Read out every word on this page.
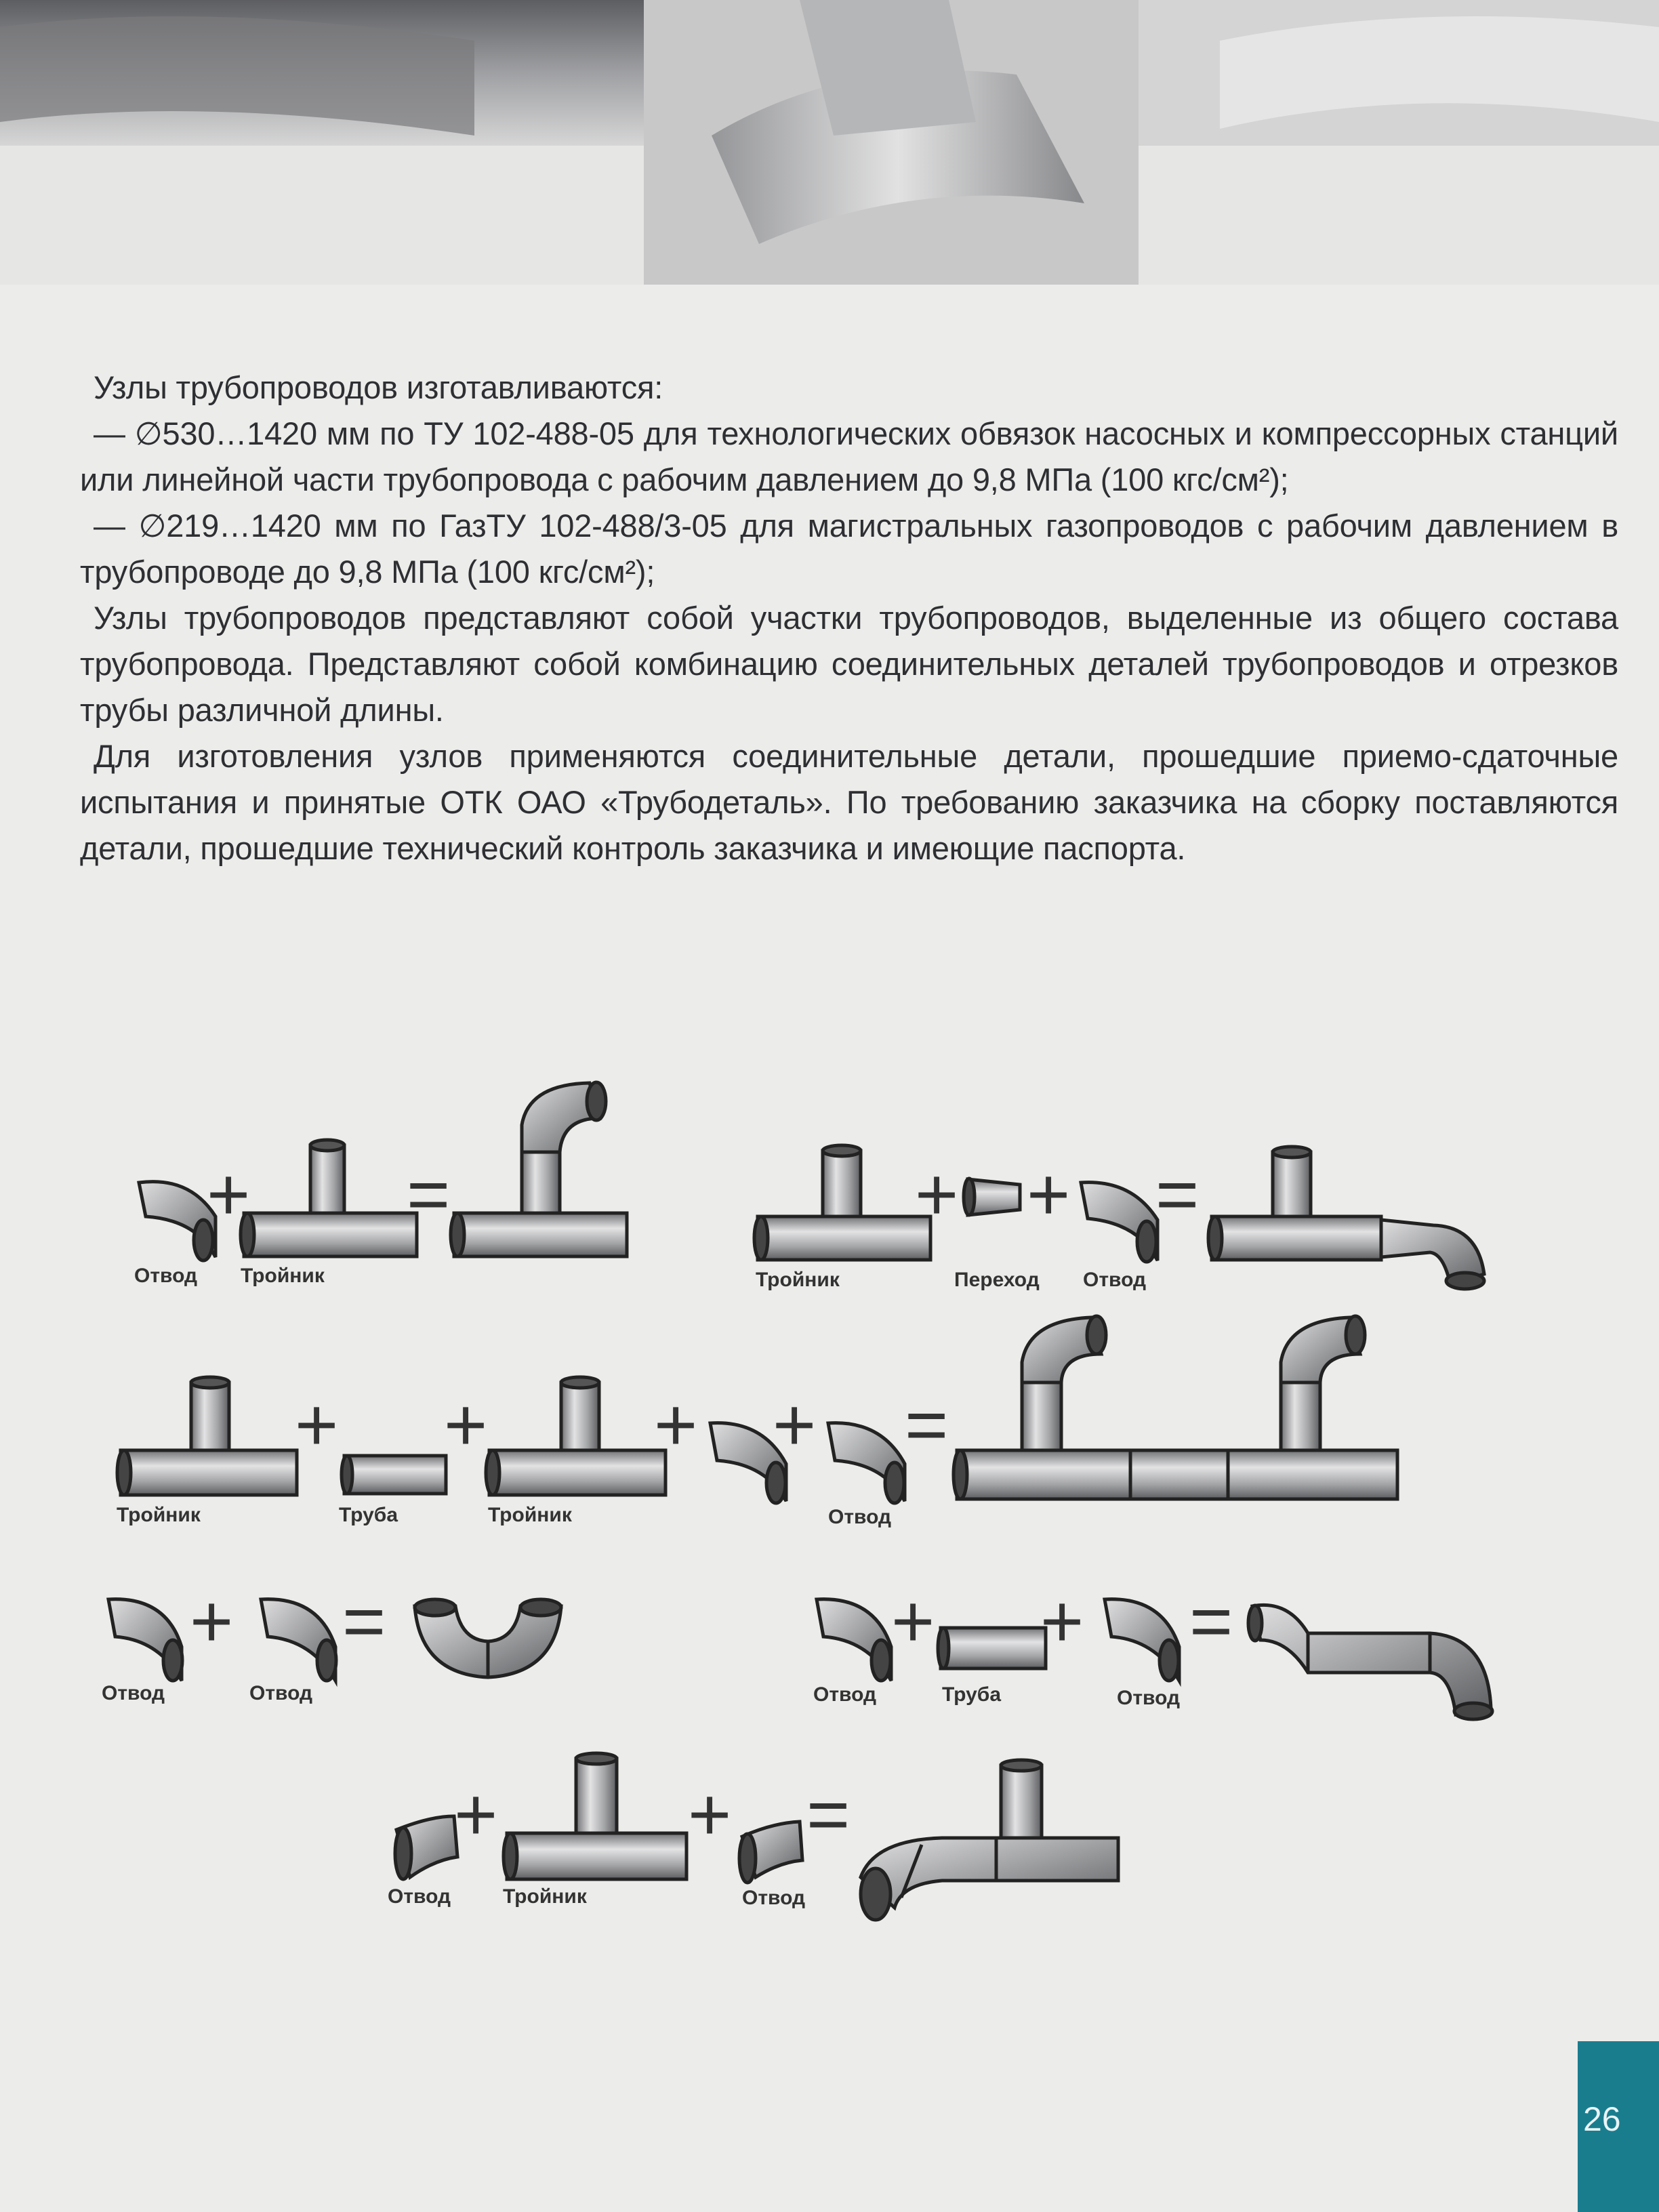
Узлы трубопроводов изготавливаются:

— ∅530…1420 мм по ТУ 102-488-05 для технологических обвязок насосных и компрессорных станций или линейной части трубопровода с рабочим давлением до 9,8 МПа (100 кгс/см²);

— ∅219…1420 мм по ГазТУ 102-488/3-05 для магистральных газопроводов с рабочим давлением в трубопроводе до 9,8 МПа (100 кгс/см²);

Узлы трубопроводов представляют собой участки трубопроводов, выделенные из общего состава трубопровода. Представляют собой комбинацию соединительных деталей трубопроводов и отрезков трубы различной длины.

Для изготовления узлов применяются соединительные детали, прошедшие приемо-сдаточные испытания и принятые ОТК ОАО «Трубодеталь». По требованию заказчика на сборку поставляются детали, прошедшие технический контроль заказчика и имеющие паспорта.

+ =	+ + =
+ + + + =
+ =	+ + =
+	+ =
Отвод Тройник	Тройник	Переход Отвод
Тройник	Труба	Тройник	Отвод
Отвод	Отвод	Отвод	Труба	Отвод
Отвод	Тройник	Отвод
26
